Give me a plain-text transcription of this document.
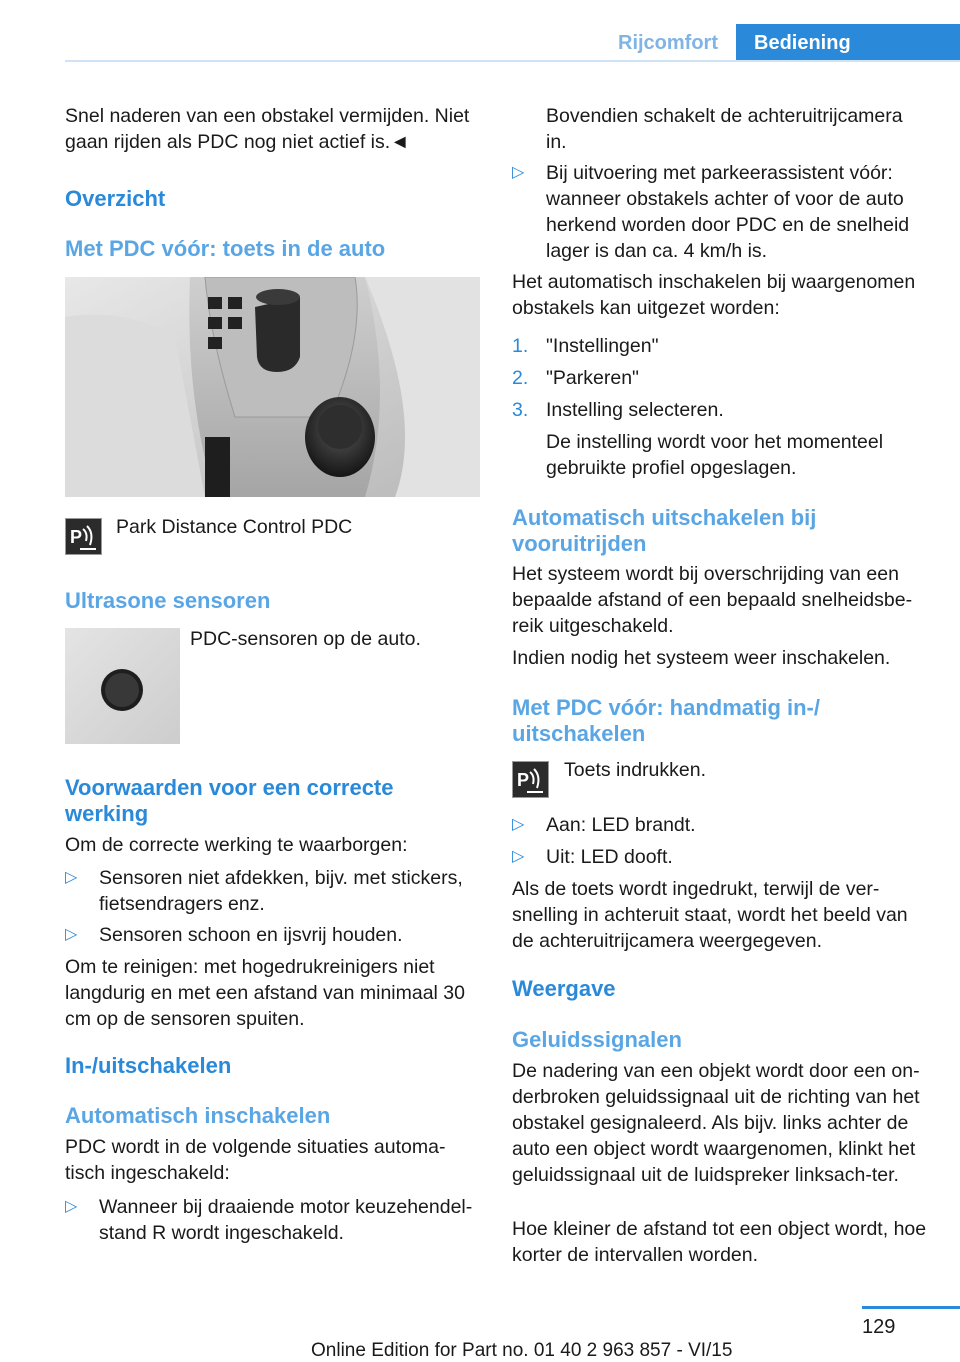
Rijcomfort	Bediening

Snel naderen van een obstakel vermijden. Niet gaan rijden als PDC nog niet actief is.◄

Overzicht
Met PDC vóór: toets in de auto
P Park Distance Control PDC

Ultrasone sensoren

PDC-sensoren op de auto.

Voorwaarden voor een correcte werking

Om de correcte werking te waarborgen:

▷ Sensoren niet afdekken, bijv. met stickers, fietsendragers enz.

▷ Sensoren schoon en ijsvrij houden.

Om te reinigen: met hogedrukreinigers niet langdurig en met een afstand van minimaal 30 cm op de sensoren spuiten.

In-/uitschakelen
Automatisch inschakelen

PDC wordt in de volgende situaties automa-tisch ingeschakeld:

▷ Wanneer bij draaiende motor keuzehendel-stand R wordt ingeschakeld.

Bovendien schakelt de achteruitrijcamera in.

▷ Bij uitvoering met parkeerassistent vóór: wanneer obstakels achter of voor de auto herkend worden door PDC en de snelheid lager is dan ca. 4 km/h is.

Het automatisch inschakelen bij waargenomen obstakels kan uitgezet worden:

1. "Instellingen"

2. "Parkeren"

3. Instelling selecteren.

De instelling wordt voor het momenteel gebruikte profiel opgeslagen.

Automatisch uitschakelen bij vooruitrijden

Het systeem wordt bij overschrijding van een bepaalde afstand of een bepaald snelheidsbe-reik uitgeschakeld.

Indien nodig het systeem weer inschakelen.

Met PDC vóór: handmatig in-/ uitschakelen
P Toets indrukken.

▷ Aan: LED brandt.

▷ Uit: LED dooft.

Als de toets wordt ingedrukt, terwijl de ver-snelling in achteruit staat, wordt het beeld van de achteruitrijcamera weergegeven.

Weergave
Geluidssignalen

De nadering van een objekt wordt door een on-derbroken geluidssignaal uit de richting van het obstakel gesignaleerd. Als bijv. links achter de auto een object wordt waargenomen, klinkt het geluidssignaal uit de luidspreker linksach-ter.

Hoe kleiner de afstand tot een object wordt, hoe korter de intervallen worden.

129
Online Edition for Part no. 01 40 2 963 857 - VI/15
